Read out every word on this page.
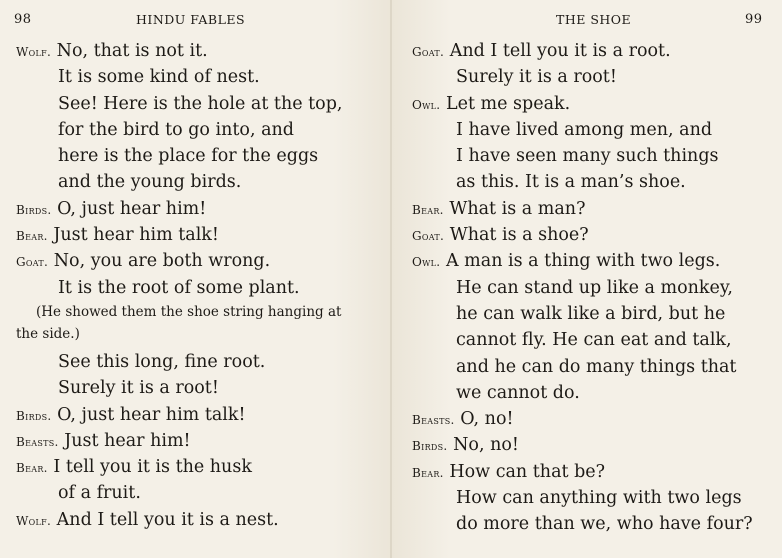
98	HINDU FABLES
Wolf. No, that is not it.
It is some kind of nest.
See! Here is the hole at the top,
for the bird to go into, and
here is the place for the eggs
and the young birds.
Birds. O, just hear him!
Bear. Just hear him talk!
Goat. No, you are both wrong.
It is the root of some plant.
(He showed them the shoe string hanging at
the side.)
See this long, fine root.
Surely it is a root!
Birds. O, just hear him talk!
Beasts. Just hear him!
Bear. I tell you it is the husk
of a fruit.
Wolf. And I tell you it is a nest.
THE SHOE	99
Goat. And I tell you it is a root.
Surely it is a root!
Owl. Let me speak.
I have lived among men, and
I have seen many such things
as this. It is a man’s shoe.
Bear. What is a man?
Goat. What is a shoe?
Owl. A man is a thing with two legs.
He can stand up like a monkey,
he can walk like a bird, but he
cannot fly. He can eat and talk,
and he can do many things that
we cannot do.
Beasts. O, no!
Birds. No, no!
Bear. How can that be?
How can anything with two legs
do more than we, who have four?
